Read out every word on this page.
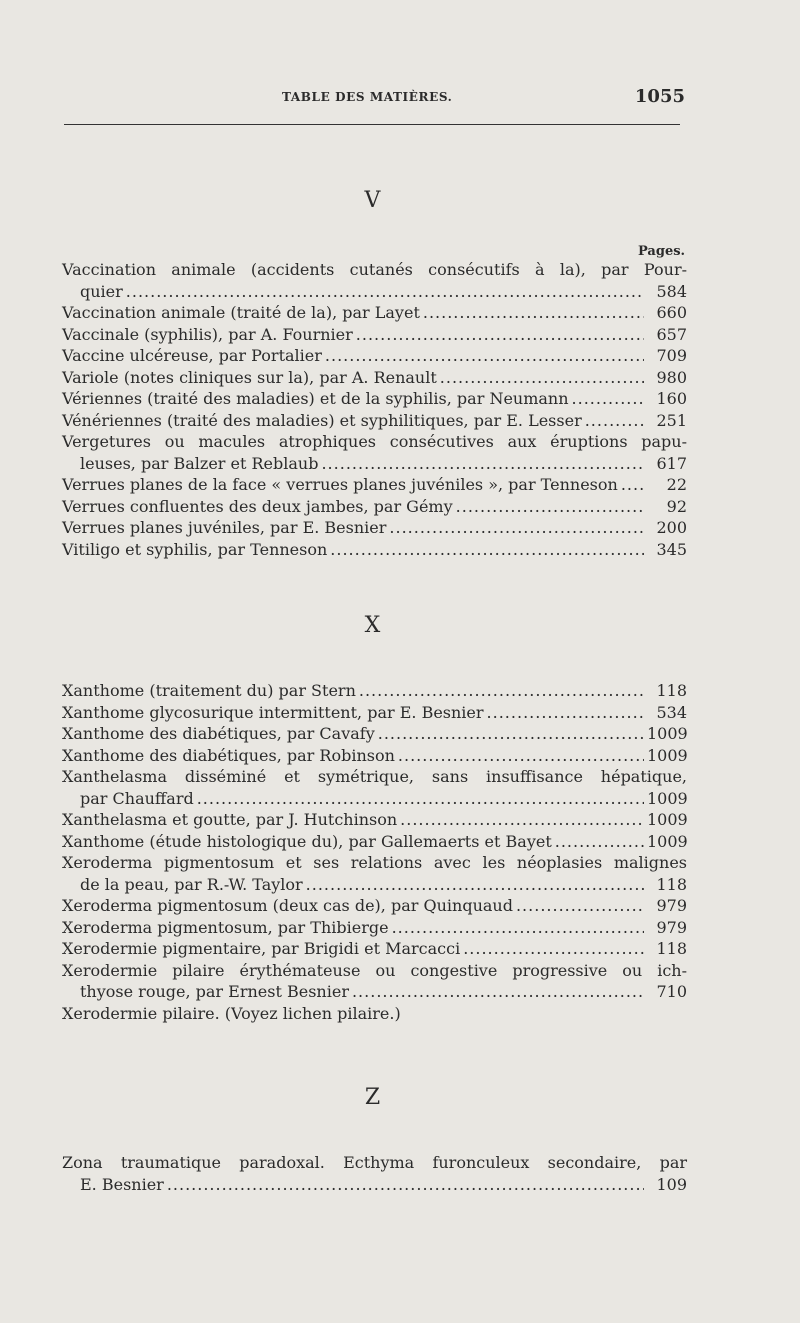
TABLE DES MATIÈRES.	1055
V
Pages.
Vaccination animale (accidents cutanés consécutifs à la), par Pour-
quier .....	584
Vaccination animale (traité de la), par Layet .....	660
Vaccinale (syphilis), par A. Fournier .....	657
Vaccine ulcéreuse, par Portalier .....	709
Variole (notes cliniques sur la), par A. Renault .....	980
Vériennes (traité des maladies) et de la syphilis, par Neumann .....	160
Vénériennes (traité des maladies) et syphilitiques, par E. Lesser .....	251
Vergetures ou macules atrophiques consécutives aux éruptions papu-
leuses, par Balzer et Reblaub .....	617
Verrues planes de la face « verrues planes juvéniles », par Tenneson .....	22
Verrues confluentes des deux jambes, par Gémy .....	92
Verrues planes juvéniles, par E. Besnier .....	200
Vitiligo et syphilis, par Tenneson .....	345
X
Xanthome (traitement du) par Stern .....	118
Xanthome glycosurique intermittent, par E. Besnier .....	534
Xanthome des diabétiques, par Cavafy .....	1009
Xanthome des diabétiques, par Robinson .....	1009
Xanthelasma disséminé et symétrique, sans insuffisance hépatique,
par Chauffard .....	1009
Xanthelasma et goutte, par J. Hutchinson .....	1009
Xanthome (étude histologique du), par Gallemaerts et Bayet .....	1009
Xeroderma pigmentosum et ses relations avec les néoplasies malignes
de la peau, par R.-W. Taylor .....	118
Xeroderma pigmentosum (deux cas de), par Quinquaud .....	979
Xeroderma pigmentosum, par Thibierge .....	979
Xerodermie pigmentaire, par Brigidi et Marcacci .....	118
Xerodermie pilaire érythémateuse ou congestive progressive ou ich-
thyose rouge, par Ernest Besnier .....	710
Xerodermie pilaire. (Voyez lichen pilaire.)
Z
Zona traumatique paradoxal. Ecthyma furonculeux secondaire, par
E. Besnier .....	109
